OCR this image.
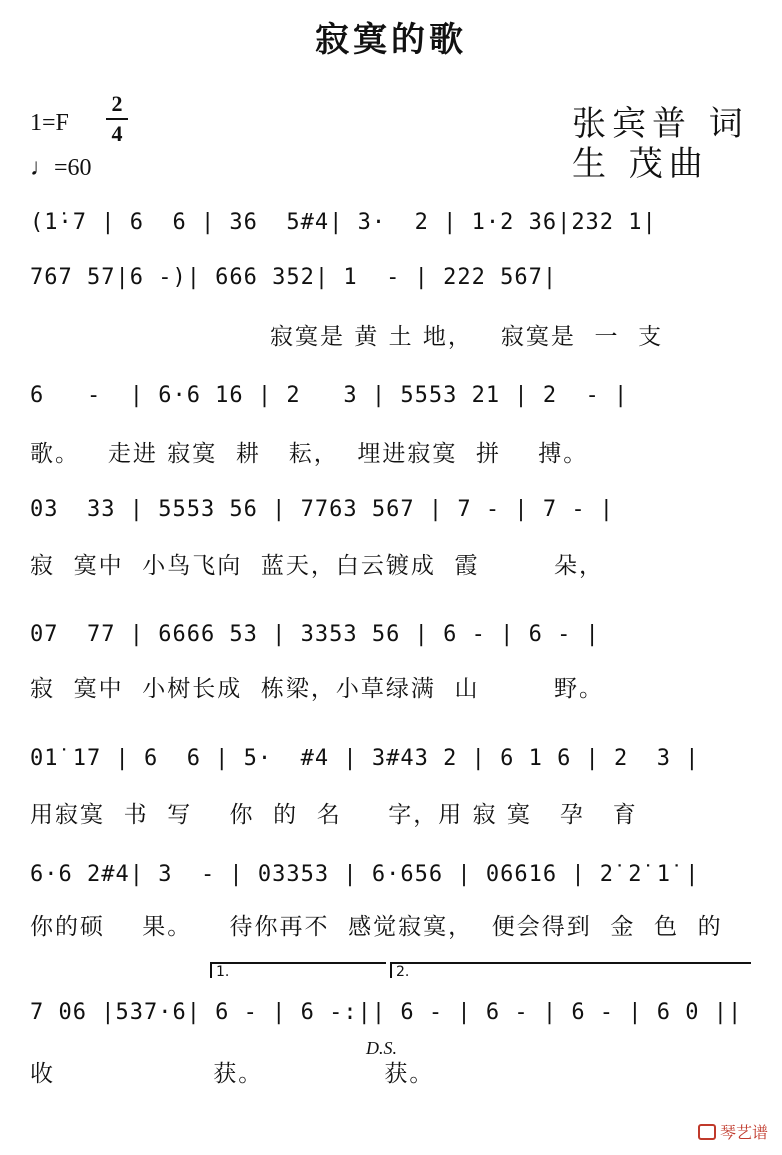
寂寞的歌
1=F
2
4
♩=60
张宾普 词
生 茂曲
(1̇·7 | 6  6 | 36  5#4| 3·  2 | 1·2 36|232 1|
767 57|6 -)| 666 352| 1  - | 222 567|
寂寞是 黄 土 地，   寂寞是  一  支
6   -  | 6·6 16 | 2   3 | 5553 21 | 2  - |
歌。   走进 寂寞  耕   耘，  埋进寂寞  拼    搏。
03  33 | 5553 56 | 7763 567 | 7 - | 7 - |
寂  寞中  小鸟飞向  蓝天，白云镀成  霞        朵，
07  77 | 6666 53 | 3353 56 | 6 - | 6 - |
寂  寞中  小树长成  栋梁，小草绿满  山        野。
01̇ 17 | 6  6 | 5·  #4 | 3#43 2 | 6 1 6 | 2  3 |
用寂寞  书  写    你  的  名     字，用 寂 寞   孕   育
6·6 2#4| 3  - | 03353 | 6·656 | 06616 | 2̇ 2̇ 1̇ |
你的硕    果。    待你再不  感觉寂寞，  便会得到  金  色  的
1.	2.
7 06 |537·6| 6 - | 6 -:|| 6 - | 6 - | 6 - | 6 0 ||
D.S.
收                 获。             获。
琴艺谱
